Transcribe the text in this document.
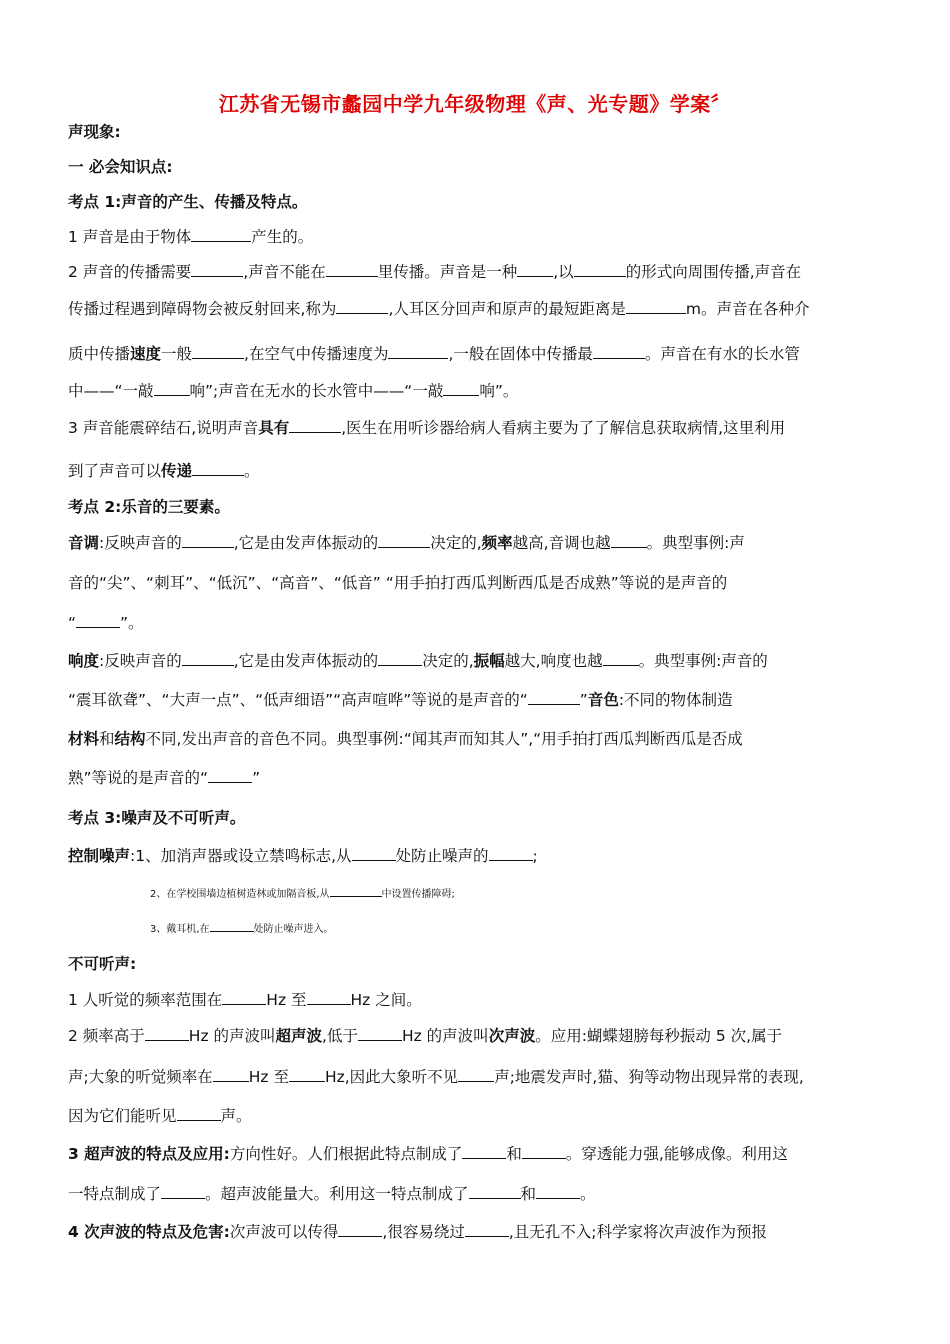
江苏省无锡市蠡园中学九年级物理《声、光专题》学案〞
声现象:
一 必会知识点:
考点 1:声音的产生、传播及特点。
1 声音是由于物体	产生的。
2 声音的传播需要	,声音不能在	里传播。声音是一种 ,以	的形式向周围传播,声音在
传播过程遇到障碍物会被反射回来,称为	,人耳区分回声和原声的最短距离是	m。声音在各种介
质中传播速度一般	,在空气中传播速度为	,一般在固体中传播最	。声音在有水的长水管
中——“一敲 响”;声音在无水的长水管中——“一敲 响”。
3 声音能震碎结石,说明声音具有	,医生在用听诊器给病人看病主要为了了解信息获取病情,这里利用
到了声音可以传递	。
考点 2:乐音的三要素。
音调:反映声音的	,它是由发声体振动的	决定的,频率越高,音调也越 。典型事例:声
音的“尖”、“刺耳”、“低沉”、“高音”、“低音” “用手拍打西瓜判断西瓜是否成熟”等说的是声音的
“	”。
响度:反映声音的	,它是由发声体振动的	决定的,振幅越大,响度也越 。典型事例:声音的
“震耳欲聋”、“大声一点”、“低声细语”“高声喧哗”等说的是声音的“	”音色:不同的物体制造
材料和结构不同,发出声音的音色不同。典型事例:“闻其声而知其人”,“用手拍打西瓜判断西瓜是否成
熟”等说的是声音的“	”
考点 3:噪声及不可听声。
控制噪声:1、加消声器或设立禁鸣标志,从	处防止噪声的	;
2、在学校围墙边植树造林或加隔音板,从	中设置传播障碍;
3、戴耳机,在	处防止噪声进入。
不可听声:
1 人听觉的频率范围在	Hz 至	Hz 之间。
2 频率高于	Hz 的声波叫超声波,低于	Hz 的声波叫次声波。应用:蝴蝶翅膀每秒振动 5 次,属于
声;大象的听觉频率在 Hz 至 Hz,因此大象听不见 声;地震发声时,猫、狗等动物出现异常的表现,
因为它们能听见	声。
3 超声波的特点及应用:方向性好。人们根据此特点制成了	和	。穿透能力强,能够成像。利用这
一特点制成了	。超声波能量大。利用这一特点制成了	和	。
4 次声波的特点及危害:次声波可以传得	,很容易绕过	,且无孔不入;科学家将次声波作为预报
